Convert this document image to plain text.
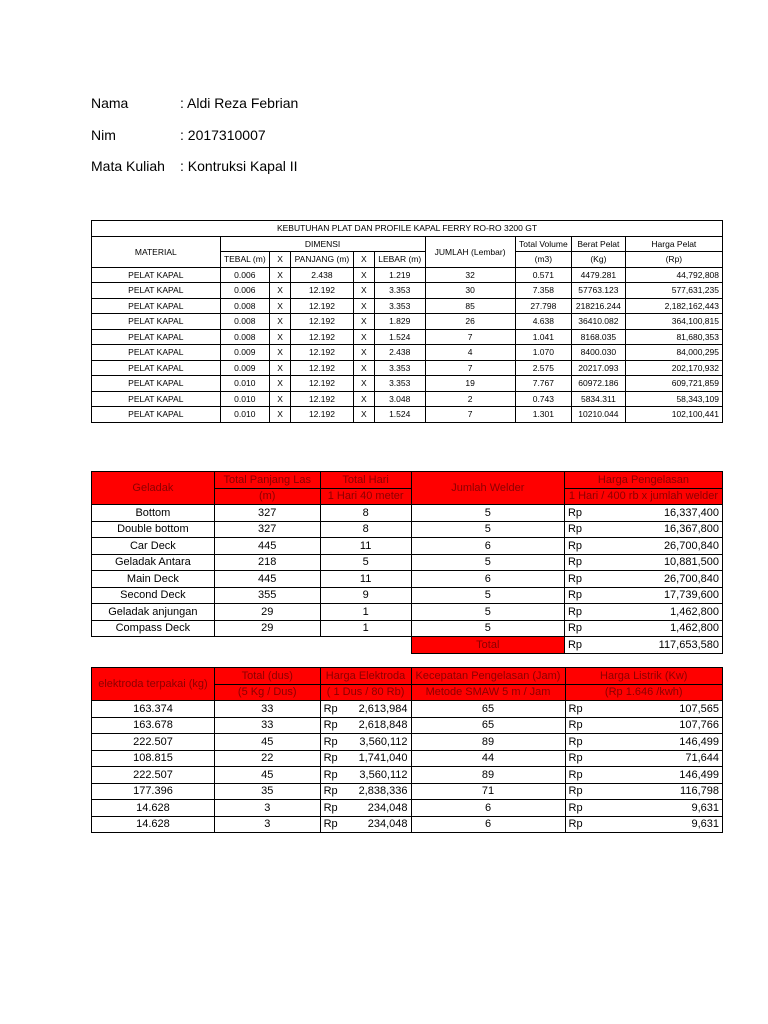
Nama	: Aldi Reza Febrian
Nim	: 2017310007
Mata Kuliah : Kontruksi Kapal II
KEBUTUHAN PLAT DAN PROFILE KAPAL FERRY RO-RO 3200 GT									
MATERIAL	DIMENSI					JUMLAH (Lembar)	Total Volume	Berat Pelat	Harga Pelat
	TEBAL (m)	X	PANJANG (m)	X	LEBAR (m)		(m3)	(Kg)	(Rp)
PELAT KAPAL	0.006	X	2.438	X	1.219	32	0.571	4479.281	44,792,808
PELAT KAPAL	0.006	X	12.192	X	3.353	30	7.358	57763.123	577,631,235
PELAT KAPAL	0.008	X	12.192	X	3.353	85	27.798	218216.244	2,182,162,443
PELAT KAPAL	0.008	X	12.192	X	1.829	26	4.638	36410.082	364,100,815
PELAT KAPAL	0.008	X	12.192	X	1.524	7	1.041	8168.035	81,680,353
PELAT KAPAL	0.009	X	12.192	X	2.438	4	1.070	8400.030	84,000,295
PELAT KAPAL	0.009	X	12.192	X	3.353	7	2.575	20217.093	202,170,932
PELAT KAPAL	0.010	X	12.192	X	3.353	19	7.767	60972.186	609,721,859
PELAT KAPAL	0.010	X	12.192	X	3.048	2	0.743	5834.311	58,343,109
PELAT KAPAL	0.010	X	12.192	X	1.524	7	1.301	10210.044	102,100,441
Geladak	Total Panjang Las	Total Hari	Jumlah Welder	Harga Pengelasan
	(m)	1 Hari 40 meter		1 Hari / 400 rb x jumlah welder
Bottom	327	8	5	Rp 16,337,400

Double bottom	327	8	5	Rp 16,367,800

Car Deck	445	11	6	Rp 26,700,840

Geladak Antara	218	5	5	Rp 10,881,500

Main Deck	445	11	6	Rp 26,700,840

Second Deck	355	9	5	Rp 17,739,600

Geladak anjungan	29	1	5	Rp 1,462,800

Compass Deck	29	1	5	Rp 1,462,800

			Total	Rp 117,653,580
elektroda terpakai (kg)	Total (dus)	Harga Elektroda	Kecepatan Pengelasan (Jam)	Harga Listrik (Kw)
	(5 Kg / Dus)	( 1 Dus / 80 Rb)	Metode SMAW 5 m / Jam	(Rp 1.646 /kwh)
163.374	33	Rp 2,613,984	65	Rp 107,565

163.678	33	Rp 2,618,848	65	Rp 107,766

222.507	45	Rp 3,560,112	89	Rp 146,499

108.815	22	Rp 1,741,040	44	Rp 71,644

222.507	45	Rp 3,560,112	89	Rp 146,499

177.396	35	Rp 2,838,336	71	Rp 116,798

14.628	3	Rp 234,048	6	Rp 9,631

14.628	3	Rp 234,048	6	Rp 9,631
